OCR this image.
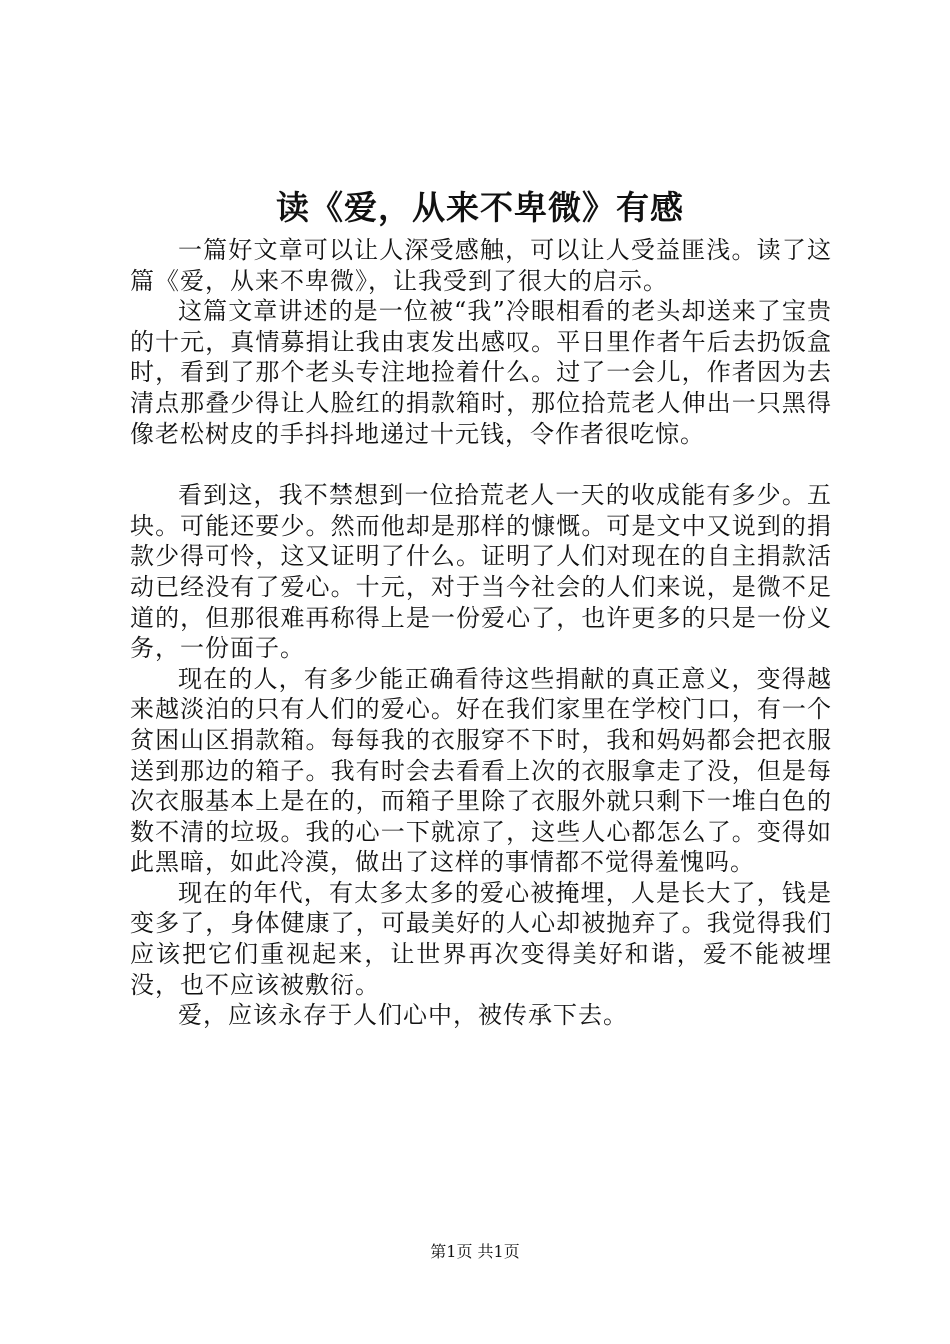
读《爱，从来不卑微》有感

一篇好文章可以让人深受感触，可以让人受益匪浅。读了这篇《爱，从来不卑微》，让我受到了很大的启示。

这篇文章讲述的是一位被“我”冷眼相看的老头却送来了宝贵的十元，真情募捐让我由衷发出感叹。平日里作者午后去扔饭盒时，看到了那个老头专注地捡着什么。过了一会儿，作者因为去清点那叠少得让人脸红的捐款箱时，那位拾荒老人伸出一只黑得像老松树皮的手抖抖地递过十元钱，令作者很吃惊。

看到这，我不禁想到一位拾荒老人一天的收成能有多少。五块。可能还要少。然而他却是那样的慷慨。可是文中又说到的捐款少得可怜，这又证明了什么。证明了人们对现在的自主捐款活动已经没有了爱心。十元，对于当今社会的人们来说，是微不足道的，但那很难再称得上是一份爱心了，也许更多的只是一份义务，一份面子。

现在的人，有多少能正确看待这些捐献的真正意义，变得越来越淡泊的只有人们的爱心。好在我们家里在学校门口，有一个贫困山区捐款箱。每每我的衣服穿不下时，我和妈妈都会把衣服送到那边的箱子。我有时会去看看上次的衣服拿走了没，但是每次衣服基本上是在的，而箱子里除了衣服外就只剩下一堆白色的数不清的垃圾。我的心一下就凉了，这些人心都怎么了。变得如此黑暗，如此冷漠，做出了这样的事情都不觉得羞愧吗。

现在的年代，有太多太多的爱心被掩埋，人是长大了，钱是变多了，身体健康了，可最美好的人心却被抛弃了。我觉得我们应该把它们重视起来，让世界再次变得美好和谐，爱不能被埋没，也不应该被敷衍。

爱，应该永存于人们心中，被传承下去。

第1页 共1页
